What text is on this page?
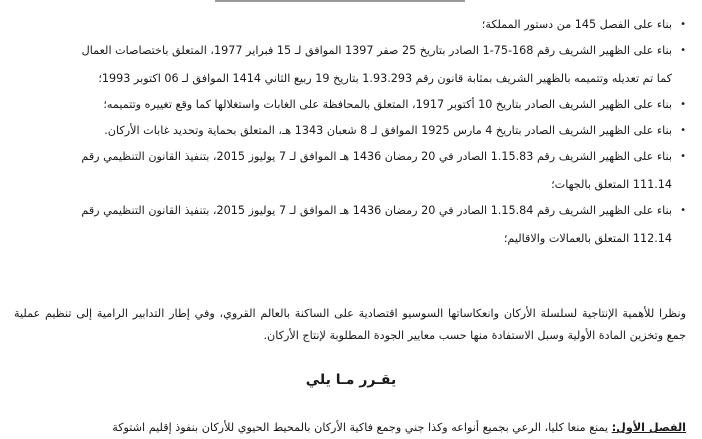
•
بناء على الفصل 145 من دستور المملكة؛
•
بناء على الظهير الشريف رقم 168-75-1 الصادر بتاريخ 25 صفر 1397 الموافق لـ 15 فبراير 1977، المتعلق باختصاصات العمال
كما تم تعديله وتتميمه بالظهير الشريف بمثابة قانون رقم 1.93.293 بتاريخ 19 ربيع الثاني 1414 الموافق لـ 06 اكتوبر 1993؛
•
بناء على الظهير الشريف الصادر بتاريخ 10 أكتوبر 1917، المتعلق بالمحافظة على الغابات واستغلالها كما وقع تغييره وتتميمه؛
•
بناء على الظهير الشريف الصادر بتاريخ 4 مارس 1925 الموافق لـ 8 شعبان 1343 هـ، المتعلق بحماية وتحديد غابات الأركان.
•
بناء على الظهير الشريف رقم 1.15.83 الصادر في 20 رمضان 1436 هـ الموافق لـ 7 يوليوز 2015، بتنفيذ القانون التنظيمي رقم
111.14 المتعلق بالجهات؛
•
بناء على الظهير الشريف رقم 1.15.84 الصادر في 20 رمضان 1436 هـ الموافق لـ 7 يوليوز 2015، بتنفيذ القانون التنظيمي رقم
112.14 المتعلق بالعمالات والاقاليم؛

ونظرا للأهمية الإنتاجية لسلسلة الأركان وانعكاساتها السوسيو اقتصادية على الساكنة بالعالم القروي، وفي إطار التدابير الرامية إلى تنظيم عملية جمع وتخزين المادة الأولية وسبل الاستفادة منها حسب معايير الجودة المطلوبة لإنتاج الأركان.

يقـرر مـا يلي

الفصل الأول: يمنع منعا كليا، الرعي بجميع أنواعه وكذا جني وجمع فاكية الأركان بالمحيط الحيوي للأركان بنفوذ إقليم اشتوكة
